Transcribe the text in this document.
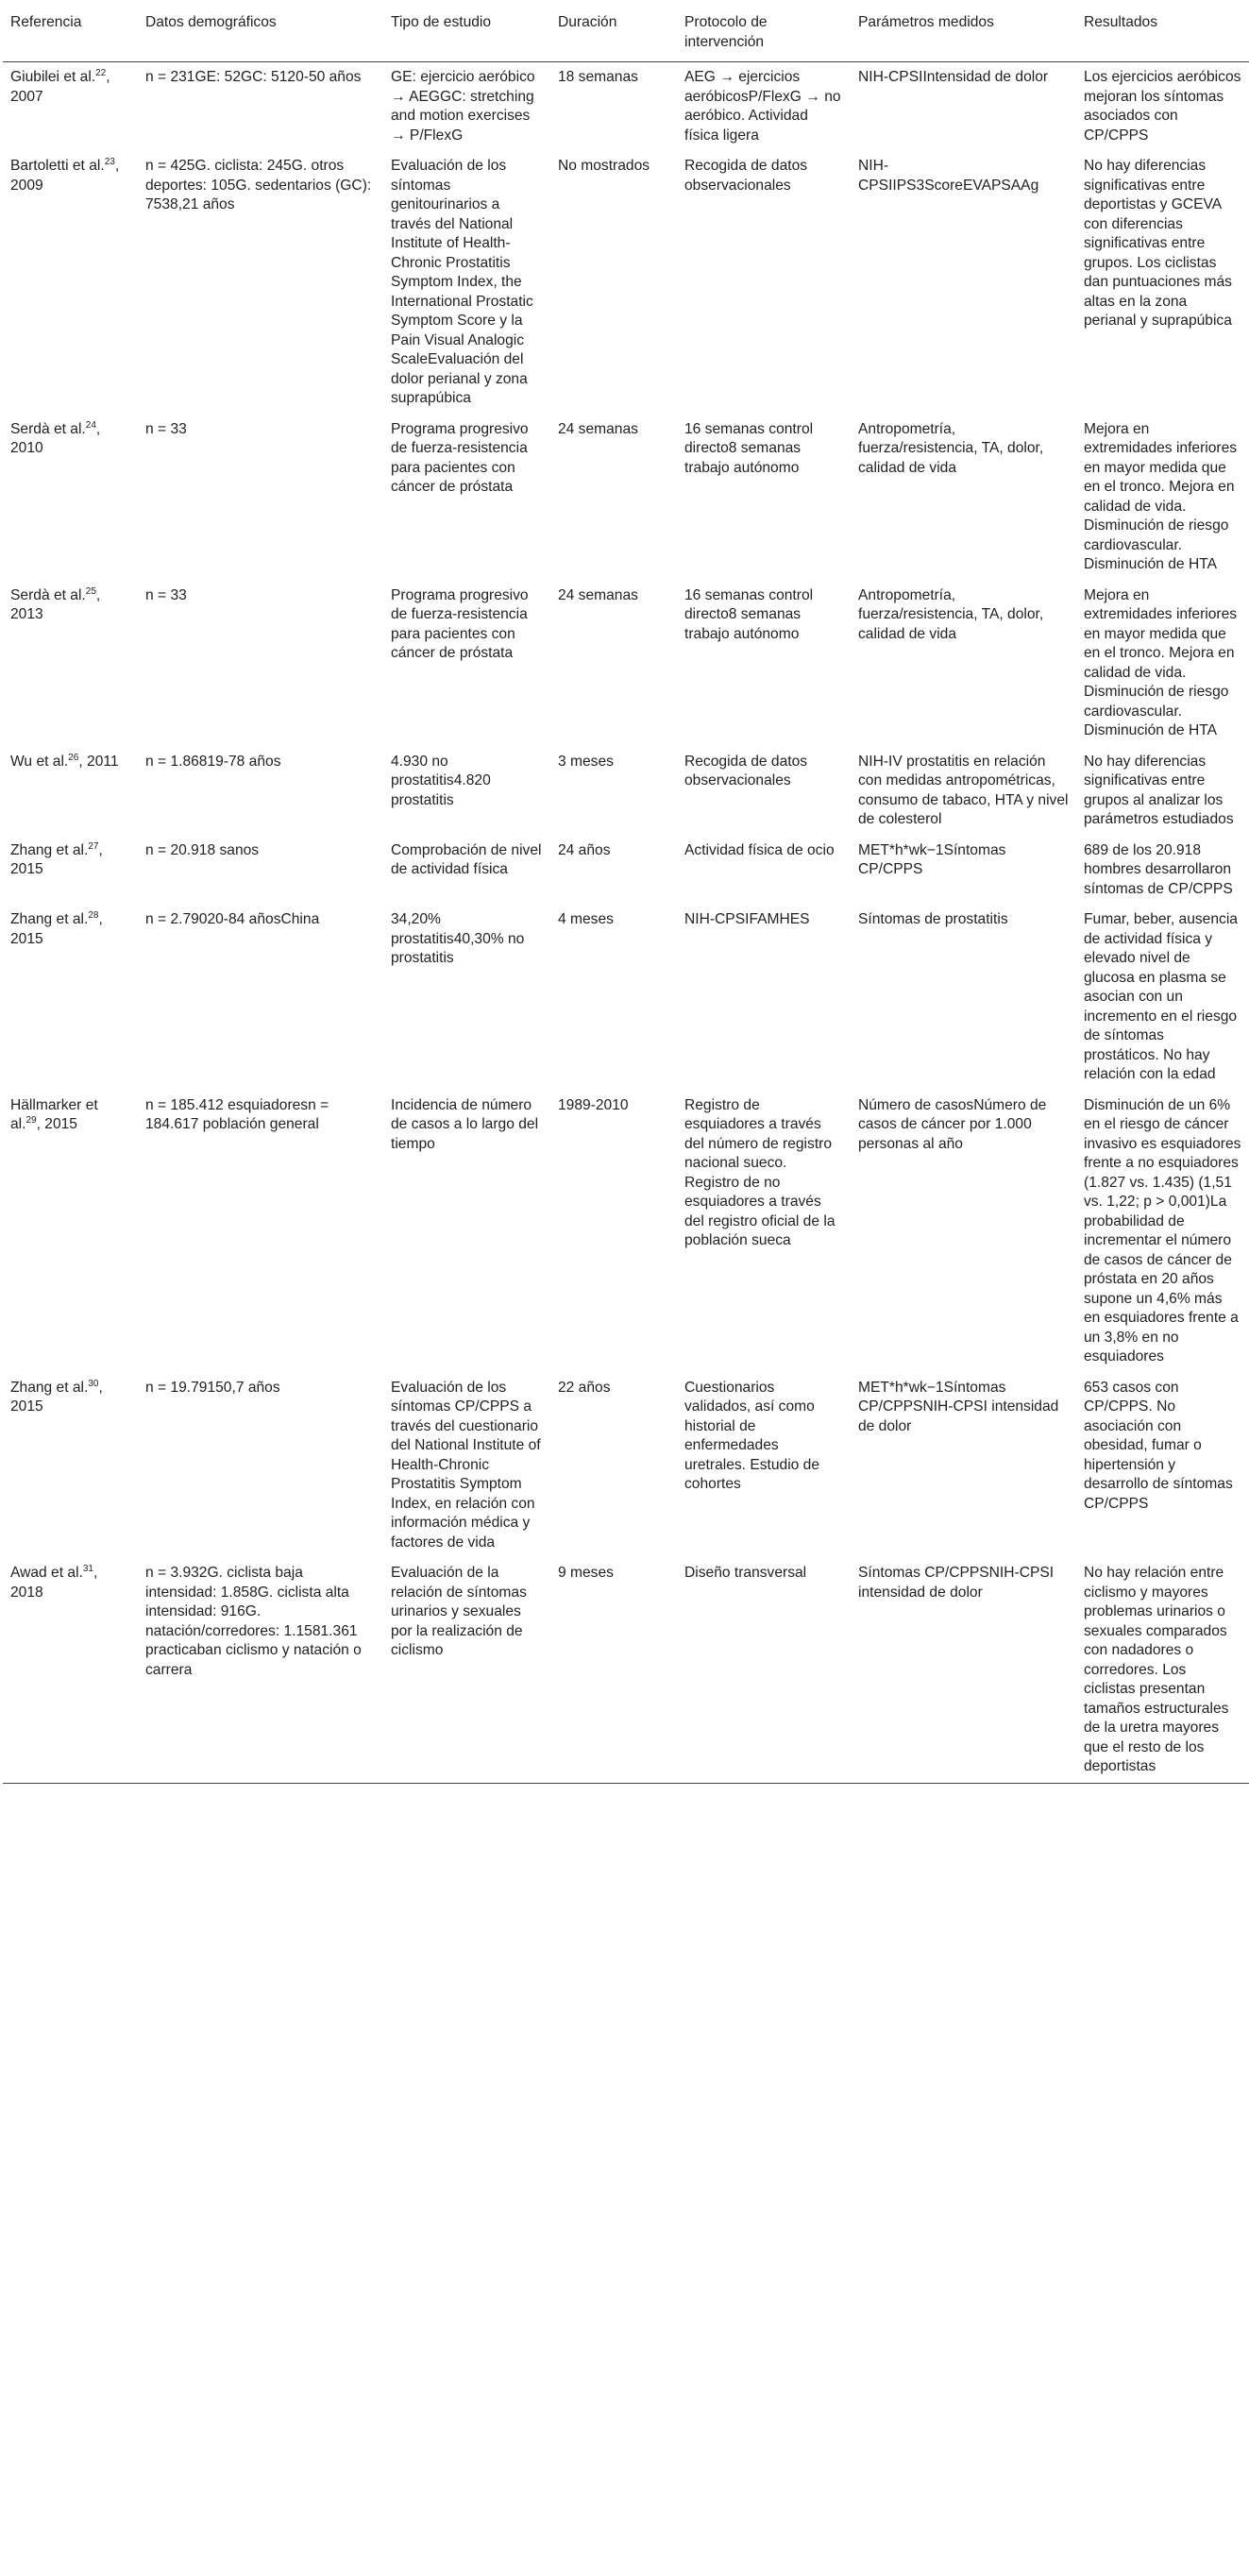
Referencia	Datos demográficos	Tipo de estudio	Duración	Protocolo de intervención	Parámetros medidos	Resultados
Giubilei et al.$^{22}$, 2007	n = 231GE: 52GC: 5120-50 años	GE: ejercicio aeróbico → AEGGC: stretching and motion exercises → P/FlexG	18 semanas	AEG → ejercicios aeróbicosP/FlexG → no aeróbico. Actividad física ligera	NIH-CPSIIntensidad de dolor	Los ejercicios aeróbicos mejoran los síntomas asociados con CP/CPPS
Bartoletti et al.$^{23}$, 2009	n = 425G. ciclista: 245G. otros deportes: 105G. sedentarios (GC): 7538,21 años	Evaluación de los síntomas genitourinarios a través del National Institute of Health-Chronic Prostatitis Symptom Index, the International Prostatic Symptom Score y la Pain Visual Analogic ScaleEvaluación del dolor perianal y zona suprapúbica	No mostrados	Recogida de datos observacionales	NIH-CPSIIPS3ScoreEVAPSAAg	No hay diferencias significativas entre deportistas y GCEVA con diferencias significativas entre grupos. Los ciclistas dan puntuaciones más altas en la zona perianal y suprapúbica
Serdà et al.$^{24}$, 2010	n = 33	Programa progresivo de fuerza-resistencia para pacientes con cáncer de próstata	24 semanas	16 semanas control directo8 semanas trabajo autónomo	Antropometría, fuerza/resistencia, TA, dolor, calidad de vida	Mejora en extremidades inferiores en mayor medida que en el tronco. Mejora en calidad de vida. Disminución de riesgo cardiovascular. Disminución de HTA
Serdà et al.$^{25}$, 2013	n = 33	Programa progresivo de fuerza-resistencia para pacientes con cáncer de próstata	24 semanas	16 semanas control directo8 semanas trabajo autónomo	Antropometría, fuerza/resistencia, TA, dolor, calidad de vida	Mejora en extremidades inferiores en mayor medida que en el tronco. Mejora en calidad de vida. Disminución de riesgo cardiovascular. Disminución de HTA
Wu et al.$^{26}$, 2011	n = 1.86819-78 años	4.930 no prostatitis4.820 prostatitis	3 meses	Recogida de datos observacionales	NIH-IV prostatitis en relación con medidas antropométricas, consumo de tabaco, HTA y nivel de colesterol	No hay diferencias significativas entre grupos al analizar los parámetros estudiados
Zhang et al.$^{27}$, 2015	n = 20.918 sanos	Comprobación de nivel de actividad física	24 años	Actividad física de ocio	MET*h*wk−1Síntomas CP/CPPS	689 de los 20.918 hombres desarrollaron síntomas de CP/CPPS
Zhang et al.$^{28}$, 2015	n = 2.79020-84 añosChina	34,20% prostatitis40,30% no prostatitis	4 meses	NIH-CPSIFAMHES	Síntomas de prostatitis	Fumar, beber, ausencia de actividad física y elevado nivel de glucosa en plasma se asocian con un incremento en el riesgo de síntomas prostáticos. No hay relación con la edad
Hällmarker et al.$^{29}$, 2015	n = 185.412 esquiadoresn = 184.617 población general	Incidencia de número de casos a lo largo del tiempo	1989-2010	Registro de esquiadores a través del número de registro nacional sueco. Registro de no esquiadores a través del registro oficial de la población sueca	Número de casosNúmero de casos de cáncer por 1.000 personas al año	Disminución de un 6% en el riesgo de cáncer invasivo es esquiadores frente a no esquiadores (1.827 vs. 1.435) (1,51 vs. 1,22; p > 0,001)La probabilidad de incrementar el número de casos de cáncer de próstata en 20 años supone un 4,6% más en esquiadores frente a un 3,8% en no esquiadores
Zhang et al.$^{30}$, 2015	n = 19.79150,7 años	Evaluación de los síntomas CP/CPPS a través del cuestionario del National Institute of Health-Chronic Prostatitis Symptom Index, en relación con información médica y factores de vida	22 años	Cuestionarios validados, así como historial de enfermedades uretrales. Estudio de cohortes	MET*h*wk−1Síntomas CP/CPPSNIH-CPSI intensidad de dolor	653 casos con CP/CPPS. No asociación con obesidad, fumar o hipertensión y desarrollo de síntomas CP/CPPS
Awad et al.$^{31}$, 2018	n = 3.932G. ciclista baja intensidad: 1.858G. ciclista alta intensidad: 916G. natación/corredores: 1.1581.361 practicaban ciclismo y natación o carrera	Evaluación de la relación de síntomas urinarios y sexuales por la realización de ciclismo	9 meses	Diseño transversal	Síntomas CP/CPPSNIH-CPSI intensidad de dolor	No hay relación entre ciclismo y mayores problemas urinarios o sexuales comparados con nadadores o corredores. Los ciclistas presentan tamaños estructurales de la uretra mayores que el resto de los deportistas
